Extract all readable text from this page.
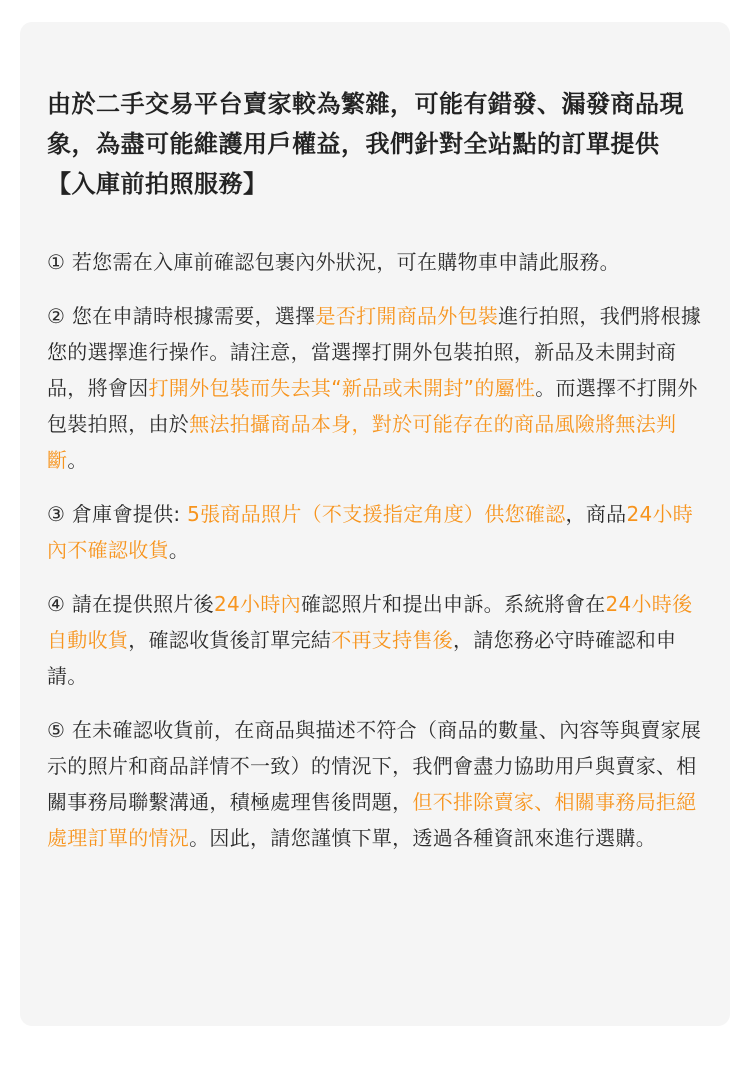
由於二手交易平台賣家較為繁雜，可能有錯發、漏發商品現象，為盡可能維護用戶權益，我們針對全站點的訂單提供【入庫前拍照服務】
① 若您需在入庫前確認包裹內外狀況，可在購物車申請此服務。
② 您在申請時根據需要，選擇是否打開商品外包裝進行拍照，我們將根據您的選擇進行操作。請注意，當選擇打開外包裝拍照，新品及未開封商品，將會因打開外包裝而失去其“新品或未開封”的屬性。而選擇不打開外包裝拍照，由於無法拍攝商品本身，對於可能存在的商品風險將無法判斷。
③ 倉庫會提供: 5張商品照片（不支援指定角度）供您確認，商品24小時內不確認收貨。
④ 請在提供照片後24小時內確認照片和提出申訴。系統將會在24小時後自動收貨，確認收貨後訂單完結不再支持售後，請您務必守時確認和申請。
⑤ 在未確認收貨前，在商品與描述不符合（商品的數量、內容等與賣家展示的照片和商品詳情不一致）的情況下，我們會盡力協助用戶與賣家、相關事務局聯繫溝通，積極處理售後問題，但不排除賣家、相關事務局拒絕處理訂單的情況。因此，請您謹慎下單，透過各種資訊來進行選購。
